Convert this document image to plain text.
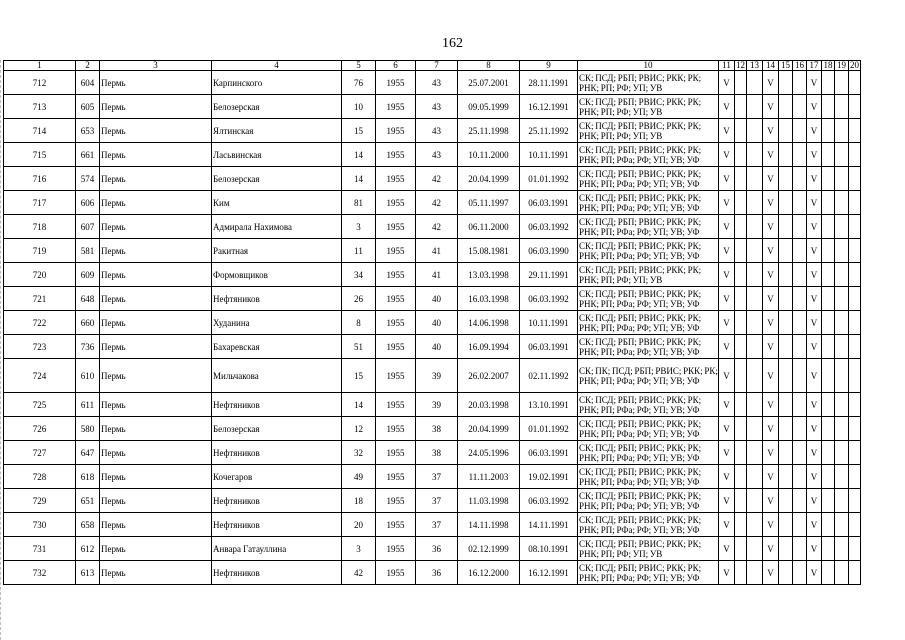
162
1	2	3	4	5	6	7	8	9	10	11	12	13	14	15	16	17	18	19	20
712	604	Пермь	Карпинского	76	1955	43	25.07.2001	28.11.1991	СК; ПСД; РБП; РВИС; РКК; РК; РНК; РП; РФ; УП; УВ	V			V			V			
713	605	Пермь	Белозерская	10	1955	43	09.05.1999	16.12.1991	СК; ПСД; РБП; РВИС; РКК; РК; РНК; РП; РФ; УП; УВ	V			V			V			
714	653	Пермь	Ялтинская	15	1955	43	25.11.1998	25.11.1992	СК; ПСД; РБП; РВИС; РКК; РК; РНК; РП; РФ; УП; УВ	V			V			V			
715	661	Пермь	Ласьвинская	14	1955	43	10.11.2000	10.11.1991	СК; ПСД; РБП; РВИС; РКК; РК; РНК; РП; РФа; РФ; УП; УВ; УФ	V			V			V			
716	574	Пермь	Белозерская	14	1955	42	20.04.1999	01.01.1992	СК; ПСД; РБП; РВИС; РКК; РК; РНК; РП; РФа; РФ; УП; УВ; УФ	V			V			V			
717	606	Пермь	Ким	81	1955	42	05.11.1997	06.03.1991	СК; ПСД; РБП; РВИС; РКК; РК; РНК; РП; РФа; РФ; УП; УВ; УФ	V			V			V			
718	607	Пермь	Адмирала Нахимова	3	1955	42	06.11.2000	06.03.1992	СК; ПСД; РБП; РВИС; РКК; РК; РНК; РП; РФа; РФ; УП; УВ; УФ	V			V			V			
719	581	Пермь	Ракитная	11	1955	41	15.08.1981	06.03.1990	СК; ПСД; РБП; РВИС; РКК; РК; РНК; РП; РФа; РФ; УП; УВ; УФ	V			V			V			
720	609	Пермь	Формовщиков	34	1955	41	13.03.1998	29.11.1991	СК; ПСД; РБП; РВИС; РКК; РК; РНК; РП; РФ; УП; УВ	V			V			V			
721	648	Пермь	Нефтяников	26	1955	40	16.03.1998	06.03.1992	СК; ПСД; РБП; РВИС; РКК; РК; РНК; РП; РФа; РФ; УП; УВ; УФ	V			V			V			
722	660	Пермь	Худанина	8	1955	40	14.06.1998	10.11.1991	СК; ПСД; РБП; РВИС; РКК; РК; РНК; РП; РФа; РФ; УП; УВ; УФ	V			V			V			
723	736	Пермь	Бахаревская	51	1955	40	16.09.1994	06.03.1991	СК; ПСД; РБП; РВИС; РКК; РК; РНК; РП; РФа; РФ; УП; УВ; УФ	V			V			V			
724	610	Пермь	Мильчакова	15	1955	39	26.02.2007	02.11.1992	СК; ПК; ПСД; РБП; РВИС; РКК; РК; РНК; РП; РФа; РФ; УП; УВ; УФ	V			V			V			
725	611	Пермь	Нефтяников	14	1955	39	20.03.1998	13.10.1991	СК; ПСД; РБП; РВИС; РКК; РК; РНК; РП; РФа; РФ; УП; УВ; УФ	V			V			V			
726	580	Пермь	Белозерская	12	1955	38	20.04.1999	01.01.1992	СК; ПСД; РБП; РВИС; РКК; РК; РНК; РП; РФа; РФ; УП; УВ; УФ	V			V			V			
727	647	Пермь	Нефтяников	32	1955	38	24.05.1996	06.03.1991	СК; ПСД; РБП; РВИС; РКК; РК; РНК; РП; РФа; РФ; УП; УВ; УФ	V			V			V			
728	618	Пермь	Кочегаров	49	1955	37	11.11.2003	19.02.1991	СК; ПСД; РБП; РВИС; РКК; РК; РНК; РП; РФа; РФ; УП; УВ; УФ	V			V			V			
729	651	Пермь	Нефтяников	18	1955	37	11.03.1998	06.03.1992	СК; ПСД; РБП; РВИС; РКК; РК; РНК; РП; РФа; РФ; УП; УВ; УФ	V			V			V			
730	658	Пермь	Нефтяников	20	1955	37	14.11.1998	14.11.1991	СК; ПСД; РБП; РВИС; РКК; РК; РНК; РП; РФа; РФ; УП; УВ; УФ	V			V			V			
731	612	Пермь	Анвара Гатауллина	3	1955	36	02.12.1999	08.10.1991	СК; ПСД; РБП; РВИС; РКК; РК; РНК; РП; РФ; УП; УВ	V			V			V			
732	613	Пермь	Нефтяников	42	1955	36	16.12.2000	16.12.1991	СК; ПСД; РБП; РВИС; РКК; РК; РНК; РП; РФа; РФ; УП; УВ; УФ	V			V			V			
